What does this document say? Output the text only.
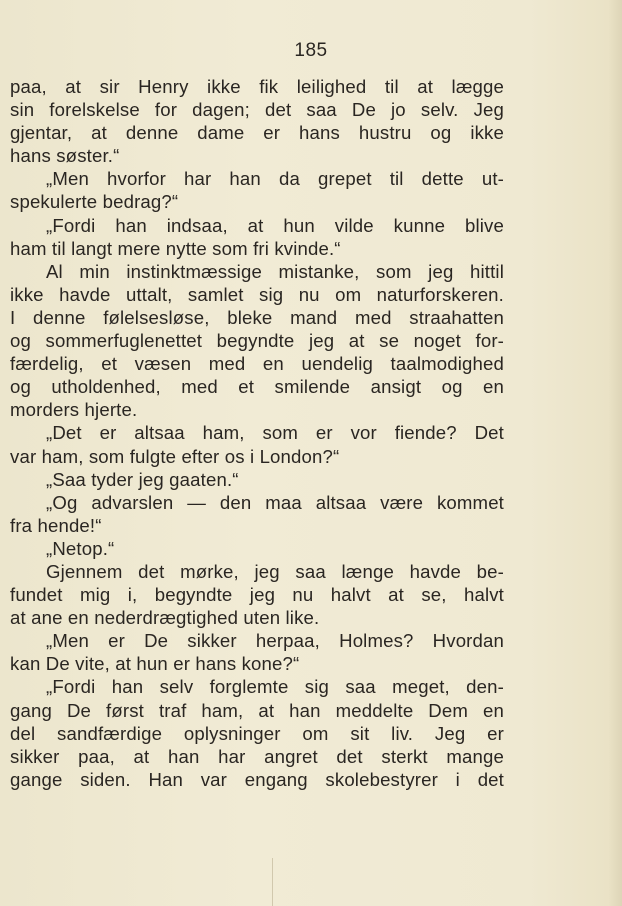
185
paa, at sir Henry ikke fik leilighed til at lægge
sin forelskelse for dagen; det saa De jo selv. Jeg
gjentar, at denne dame er hans hustru og ikke
hans søster.“
„Men hvorfor har han da grepet til dette ut-
spekulerte bedrag?“
„Fordi han indsaa, at hun vilde kunne blive
ham til langt mere nytte som fri kvinde.“
Al min instinktmæssige mistanke, som jeg hittil
ikke havde uttalt, samlet sig nu om naturforskeren.
I denne følelsesløse, bleke mand med straahatten
og sommerfuglenettet begyndte jeg at se noget for-
færdelig, et væsen med en uendelig taalmodighed
og utholdenhed, med et smilende ansigt og en
morders hjerte.
„Det er altsaa ham, som er vor fiende? Det
var ham, som fulgte efter os i London?“
„Saa tyder jeg gaaten.“
„Og advarslen — den maa altsaa være kommet
fra hende!“
„Netop.“
Gjennem det mørke, jeg saa længe havde be-
fundet mig i, begyndte jeg nu halvt at se, halvt
at ane en nederdrægtighed uten like.
„Men er De sikker herpaa, Holmes? Hvordan
kan De vite, at hun er hans kone?“
„Fordi han selv forglemte sig saa meget, den-
gang De først traf ham, at han meddelte Dem en
del sandfærdige oplysninger om sit liv. Jeg er
sikker paa, at han har angret det sterkt mange
gange siden. Han var engang skolebestyrer i det
